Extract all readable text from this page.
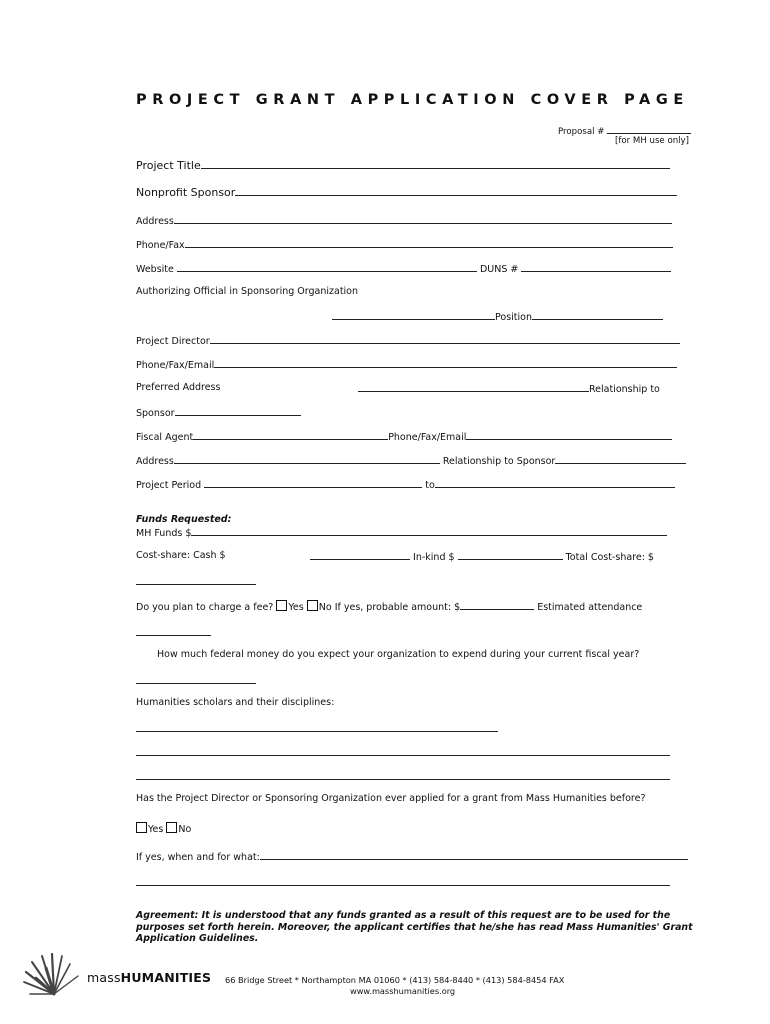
PROJECT GRANT APPLICATION COVER PAGE
Proposal #
[for MH use only]
Project Title
Nonprofit Sponsor
Address
Phone/Fax
Website	DUNS #
Authorizing Official in Sponsoring Organization
Position
Project Director
Phone/Fax/Email
Preferred Address	Relationship to
Sponsor
Fiscal Agent	Phone/Fax/Email
Address	Relationship to Sponsor
Project Period	to
Funds Requested:
MH Funds $
Cost-share: Cash $	In-kind $	Total Cost-share: $
Do you plan to charge a fee? Yes No If yes, probable amount: $	Estimated attendance
How much federal money do you expect your organization to expend during your current fiscal year?
Humanities scholars and their disciplines:
Has the Project Director or Sponsoring Organization ever applied for a grant from Mass Humanities before?
Yes No
If yes, when and for what:
Agreement: It is understood that any funds granted as a result of this request are to be used for the purposes set forth herein. Moreover, the applicant certifies that he/she has read Mass Humanities' Grant Application Guidelines.
massHUMANITIES 66 Bridge Street * Northampton MA 01060 * (413) 584-8440 * (413) 584-8454 FAX
www.masshumanities.org
